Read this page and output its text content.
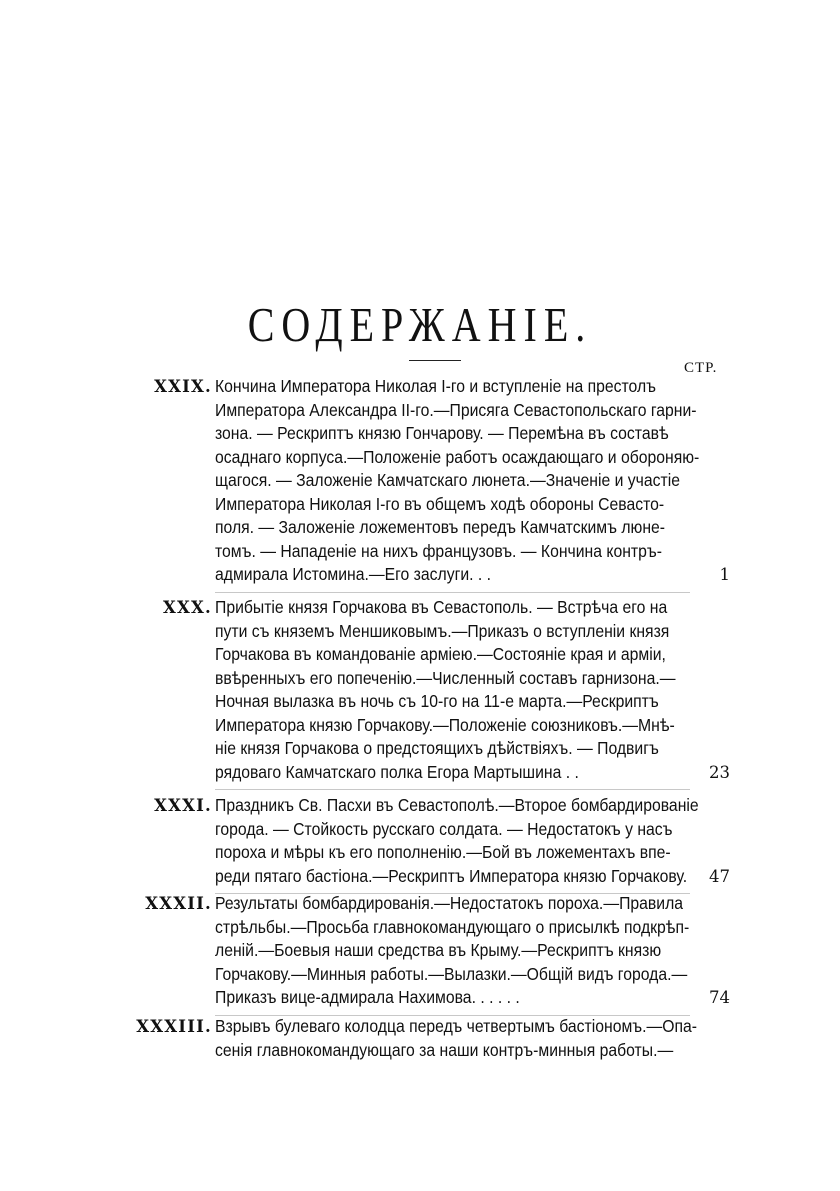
СОДЕРЖАНІЕ.
СТР.
XXIX. Кончина Императора Николая I-го и вступленіе на престолъ
Императора Александра II-го.—Присяга Севастопольскаго гарни-
зона. — Рескриптъ князю Гончарову. — Перемѣна въ составѣ
осаднаго корпуса.—Положеніе работъ осаждающаго и обороняю-
щагося. — Заложеніе Камчатскаго люнета.—Значеніе и участіе
Императора Николая I-го въ общемъ ходѣ обороны Севасто-
поля. — Заложеніе ложементовъ передъ Камчатскимъ люне-
томъ. — Нападеніе на нихъ французовъ. — Кончина контръ-
адмирала Истомина.—Его заслуги. . .	1
XXX. Прибытіе князя Горчакова въ Севастополь. — Встрѣча его на
пути съ княземъ Меншиковымъ.—Приказъ о вступленіи князя
Горчакова въ командованіе арміею.—Состояніе края и арміи,
ввѣренныхъ его попеченію.—Численный составъ гарнизона.—
Ночная вылазка въ ночь съ 10-го на 11-е марта.—Рескриптъ
Императора князю Горчакову.—Положеніе союзниковъ.—Мнѣ-
ніе князя Горчакова о предстоящихъ дѣйствіяхъ. — Подвигъ
рядоваго Камчатскаго полка Егора Мартышина . .	23
XXXI. Праздникъ Св. Пасхи въ Севастополѣ.—Второе бомбардированіе
города. — Стойкость русскаго солдата. — Недостатокъ у насъ
пороха и мѣры къ его пополненію.—Бой въ ложементахъ впе-
реди пятаго бастіона.—Рескриптъ Императора князю Горчакову. 47
XXXII. Результаты бомбардированія.—Недостатокъ пороха.—Правила
стрѣльбы.—Просьба главнокомандующаго о присылкѣ подкрѣп-
леній.—Боевыя наши средства въ Крыму.—Рескриптъ князю
Горчакову.—Минныя работы.—Вылазки.—Общій видъ города.—
Приказъ вице-адмирала Нахимова. . . . . .	74
XXXIII. Взрывъ булеваго колодца передъ четвертымъ бастіономъ.—Опа-
сенія главнокомандующаго за наши контръ-минныя работы.—
